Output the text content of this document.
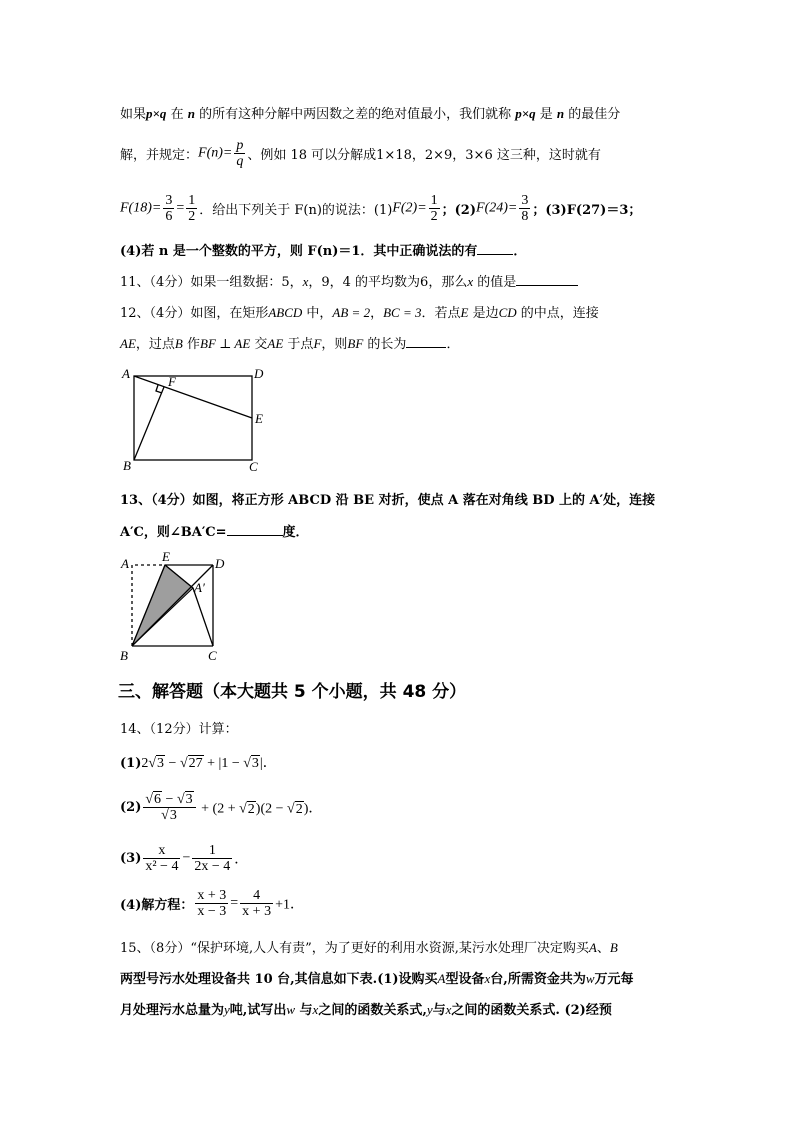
如果p×q 在 n 的所有这种分解中两因数之差的绝对值最小，我们就称 p×q 是 n 的最佳分
解，并规定：$F(n)= \frac{p}{q}$ 、例如 18 可以分解成1×18，2×9，3×6 这三种，这时就有
$F(18)= \frac{3}{6} = \frac{1}{2}$ ．给出下列关于 F(n)的说法：$(1)F(2)= \frac{1}{2}$ ；$(2)F(24)= \frac{3}{8}$ ；(3)F(27)＝3；
(4)若 n 是一个整数的平方，则 F(n)＝1．其中正确说法的有	．
11、（4分）如果一组数据：5，x，9，4 的平均数为6，那么x 的值是
12、（4分）如图，在矩形ABCD 中，AB = 2，BC = 3．若点E 是边CD 的中点，连接
AE，过点B 作BF ⊥ AE 交AE 于点F，则BF 的长为	．
A
F
D
E
B	C
13、（4分）如图，将正方形 ABCD 沿 BE 对折，使点 A 落在对角线 BD 上的 A′处，连接
A′C，则∠BA′C=	度．
A	E	D
A′
B	C
三、解答题（本大题共 5 个小题，共 48 分）
14、（12分）计算：
(1)2√3 − √27 + |1 − √3|．
$(2) \frac{√6 - √3}{√3} + (2 + √2)(2 - √2)$．
$(3) \frac{x}{\text{x² − 4}} - \frac{1}{2x - 4}$ ．
(4)解方程： $\frac{x + 3}{x - 3} = \frac{4}{x + 3} +1$．
15、（8分）“保护环境,人人有责”，为了更好的利用水资源,某污水处理厂决定购买A、B
两型号污水处理设备共 10 台,其信息如下表.(1)设购买A型设备x台,所需资金共为w万元每
月处理污水总量为y吨,试写出w 与x之间的函数关系式,y与x之间的函数关系式. (2)经预
